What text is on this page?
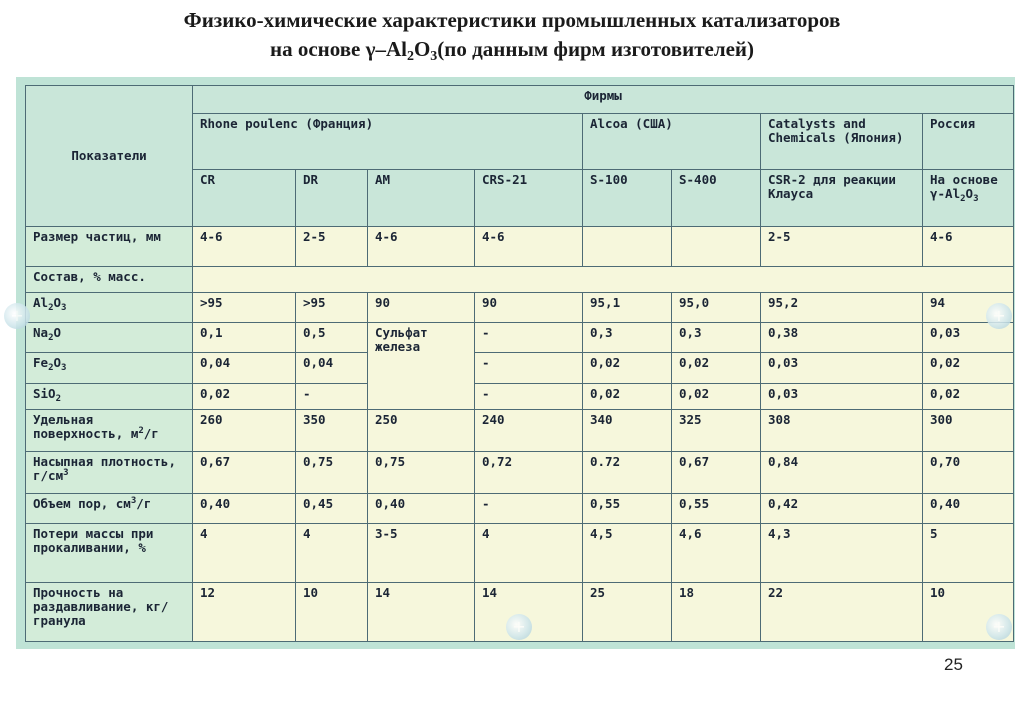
Физико-химические характеристики промышленных катализаторов
на основе $\gamma-Al_2O_3(по$ данным фирм изготовителей)
Показатели	Фирмы							
	Rhone poulenc (Франция)				Alcoa (США)		Catalysts and Chemicals (Япония)	Россия
	CR	DR	AM	CRS-21	S-100	S-400	CSR-2 для реакции Клауса	На основе $\gamma-Al_2O_3$
Размер частиц, мм	4-6	2-5	4-6	4-6			2-5	4-6
Состав, % масс.								
$Al_2O_3$	>95	>95	90	90	95,1	95,0	95,2	94
$Na_2O$	0,1	0,5	Сульфат железа	-	0,3	0,3	0,38	0,03
$Fe_2O_3$	0,04	0,04		-	0,02	0,02	0,03	0,02
SiO$_2$	0,02	-		-	0,02	0,02	0,03	0,02
Удельная поверхность, $м^2/г$	260	350	250	240	340	325	308	300
Насыпная плотность, $г/см^3$	0,67	0,75	0,75	0,72	0.72	0,67	0,84	0,70
Объем пор, $см^3/г$	0,40	0,45	0,40	-	0,55	0,55	0,42	0,40
Потери массы при прокаливании, %	4	4	3-5	4	4,5	4,6	4,3	5
Прочность на раздавливание, кг/гранула	12	10	14	14	25	18	22	10
+	+
+	+
25
